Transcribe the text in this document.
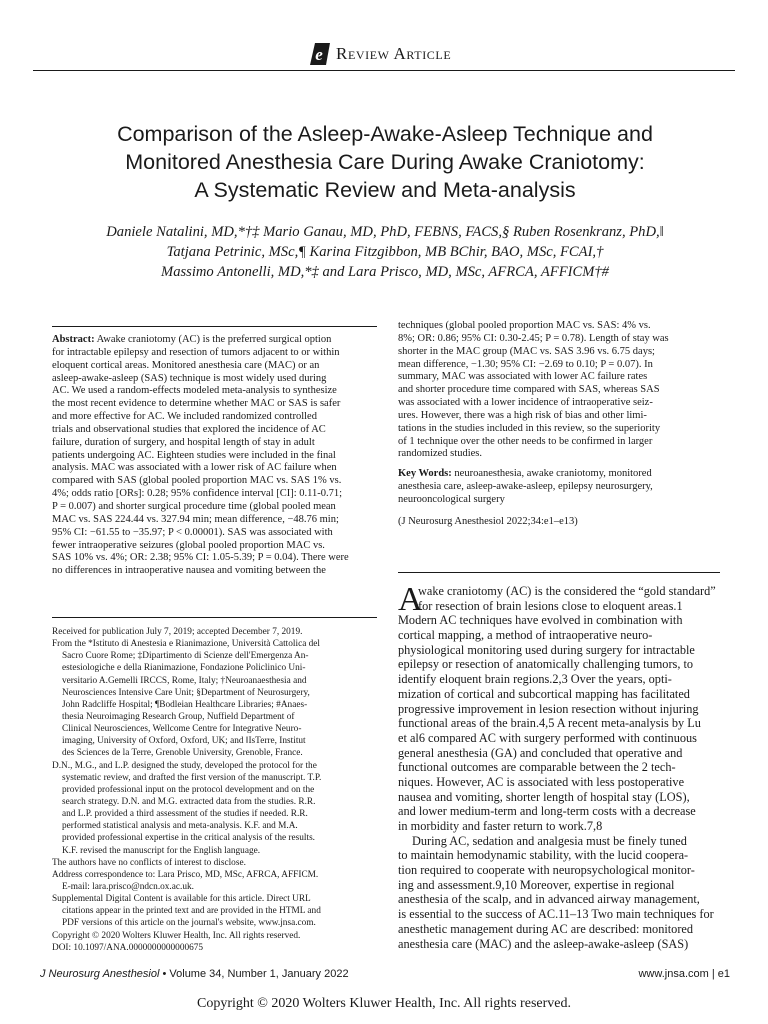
e Review Article
Comparison of the Asleep-Awake-Asleep Technique and
Monitored Anesthesia Care During Awake Craniotomy:
A Systematic Review and Meta-analysis
Daniele Natalini, MD,*†‡ Mario Ganau, MD, PhD, FEBNS, FACS,§ Ruben Rosenkranz, PhD,‖
Tatjana Petrinic, MSc,¶ Karina Fitzgibbon, MB BChir, BAO, MSc, FCAI,†
Massimo Antonelli, MD,*‡ and Lara Prisco, MD, MSc, AFRCA, AFFICM†#
Abstract: Awake craniotomy (AC) is the preferred surgical option
for intractable epilepsy and resection of tumors adjacent to or within
eloquent cortical areas. Monitored anesthesia care (MAC) or an
asleep-awake-asleep (SAS) technique is most widely used during
AC. We used a random-effects modeled meta-analysis to synthesize
the most recent evidence to determine whether MAC or SAS is safer
and more effective for AC. We included randomized controlled
trials and observational studies that explored the incidence of AC
failure, duration of surgery, and hospital length of stay in adult
patients undergoing AC. Eighteen studies were included in the final
analysis. MAC was associated with a lower risk of AC failure when
compared with SAS (global pooled proportion MAC vs. SAS 1% vs.
4%; odds ratio [ORs]: 0.28; 95% confidence interval [CI]: 0.11-0.71;
P = 0.007) and shorter surgical procedure time (global pooled mean
MAC vs. SAS 224.44 vs. 327.94 min; mean difference, −48.76 min;
95% CI: −61.55 to −35.97; P < 0.00001). SAS was associated with
fewer intraoperative seizures (global pooled proportion MAC vs.
SAS 10% vs. 4%; OR: 2.38; 95% CI: 1.05-5.39; P = 0.04). There were
no differences in intraoperative nausea and vomiting between the
techniques (global pooled proportion MAC vs. SAS: 4% vs.
8%; OR: 0.86; 95% CI: 0.30-2.45; P = 0.78). Length of stay was
shorter in the MAC group (MAC vs. SAS 3.96 vs. 6.75 days;
mean difference, −1.30; 95% CI: −2.69 to 0.10; P = 0.07). In
summary, MAC was associated with lower AC failure rates
and shorter procedure time compared with SAS, whereas SAS
was associated with a lower incidence of intraoperative seiz-
ures. However, there was a high risk of bias and other limi-
tations in the studies included in this review, so the superiority
of 1 technique over the other needs to be confirmed in larger
randomized studies.
Key Words: neuroanesthesia, awake craniotomy, monitored
anesthesia care, asleep-awake-asleep, epilepsy neurosurgery,
neurooncological surgery
(J Neurosurg Anesthesiol 2022;34:e1–e13)
Received for publication July 7, 2019; accepted December 7, 2019.
From the *Istituto di Anestesia e Rianimazione, Università Cattolica del
Sacro Cuore Rome; ‡Dipartimento di Scienze dell'Emergenza An-
estesiologiche e della Rianimazione, Fondazione Policlinico Uni-
versitario A.Gemelli IRCCS, Rome, Italy; †Neuroanaesthesia and
Neurosciences Intensive Care Unit; §Department of Neurosurgery,
John Radcliffe Hospital; ¶Bodleian Healthcare Libraries; #Anaes-
thesia Neuroimaging Research Group, Nuffield Department of
Clinical Neurosciences, Wellcome Centre for Integrative Neuro-
imaging, University of Oxford, Oxford, UK; and ‖IsTerre, Institut
des Sciences de la Terre, Grenoble University, Grenoble, France.
D.N., M.G., and L.P. designed the study, developed the protocol for the
systematic review, and drafted the first version of the manuscript. T.P.
provided professional input on the protocol development and on the
search strategy. D.N. and M.G. extracted data from the studies. R.R.
and L.P. provided a third assessment of the studies if needed. R.R.
performed statistical analysis and meta-analysis. K.F. and M.A.
provided professional expertise in the critical analysis of the results.
K.F. revised the manuscript for the English language.
The authors have no conflicts of interest to disclose.
Address correspondence to: Lara Prisco, MD, MSc, AFRCA, AFFICM.
E-mail: lara.prisco@ndcn.ox.ac.uk.
Supplemental Digital Content is available for this article. Direct URL
citations appear in the printed text and are provided in the HTML and
PDF versions of this article on the journal's website, www.jnsa.com.
Copyright © 2020 Wolters Kluwer Health, Inc. All rights reserved.
DOI: 10.1097/ANA.0000000000000675
A
wake craniotomy (AC) is the considered the “gold standard”
for resection of brain lesions close to eloquent areas.1
Modern AC techniques have evolved in combination with
cortical mapping, a method of intraoperative neuro-
physiological monitoring used during surgery for intractable
epilepsy or resection of anatomically challenging tumors, to
identify eloquent brain regions.2,3 Over the years, opti-
mization of cortical and subcortical mapping has facilitated
progressive improvement in lesion resection without injuring
functional areas of the brain.4,5 A recent meta-analysis by Lu
et al6 compared AC with surgery performed with continuous
general anesthesia (GA) and concluded that operative and
functional outcomes are comparable between the 2 tech-
niques. However, AC is associated with less postoperative
nausea and vomiting, shorter length of hospital stay (LOS),
and lower medium-term and long-term costs with a decrease
in morbidity and faster return to work.7,8
During AC, sedation and analgesia must be finely tuned
to maintain hemodynamic stability, with the lucid coopera-
tion required to cooperate with neuropsychological monitor-
ing and assessment.9,10 Moreover, expertise in regional
anesthesia of the scalp, and in advanced airway management,
is essential to the success of AC.11–13 Two main techniques for
anesthetic management during AC are described: monitored
anesthesia care (MAC) and the asleep-awake-asleep (SAS)
J Neurosurg Anesthesiol • Volume 34, Number 1, January 2022	www.jnsa.com | e1
Copyright © 2020 Wolters Kluwer Health, Inc. All rights reserved.
